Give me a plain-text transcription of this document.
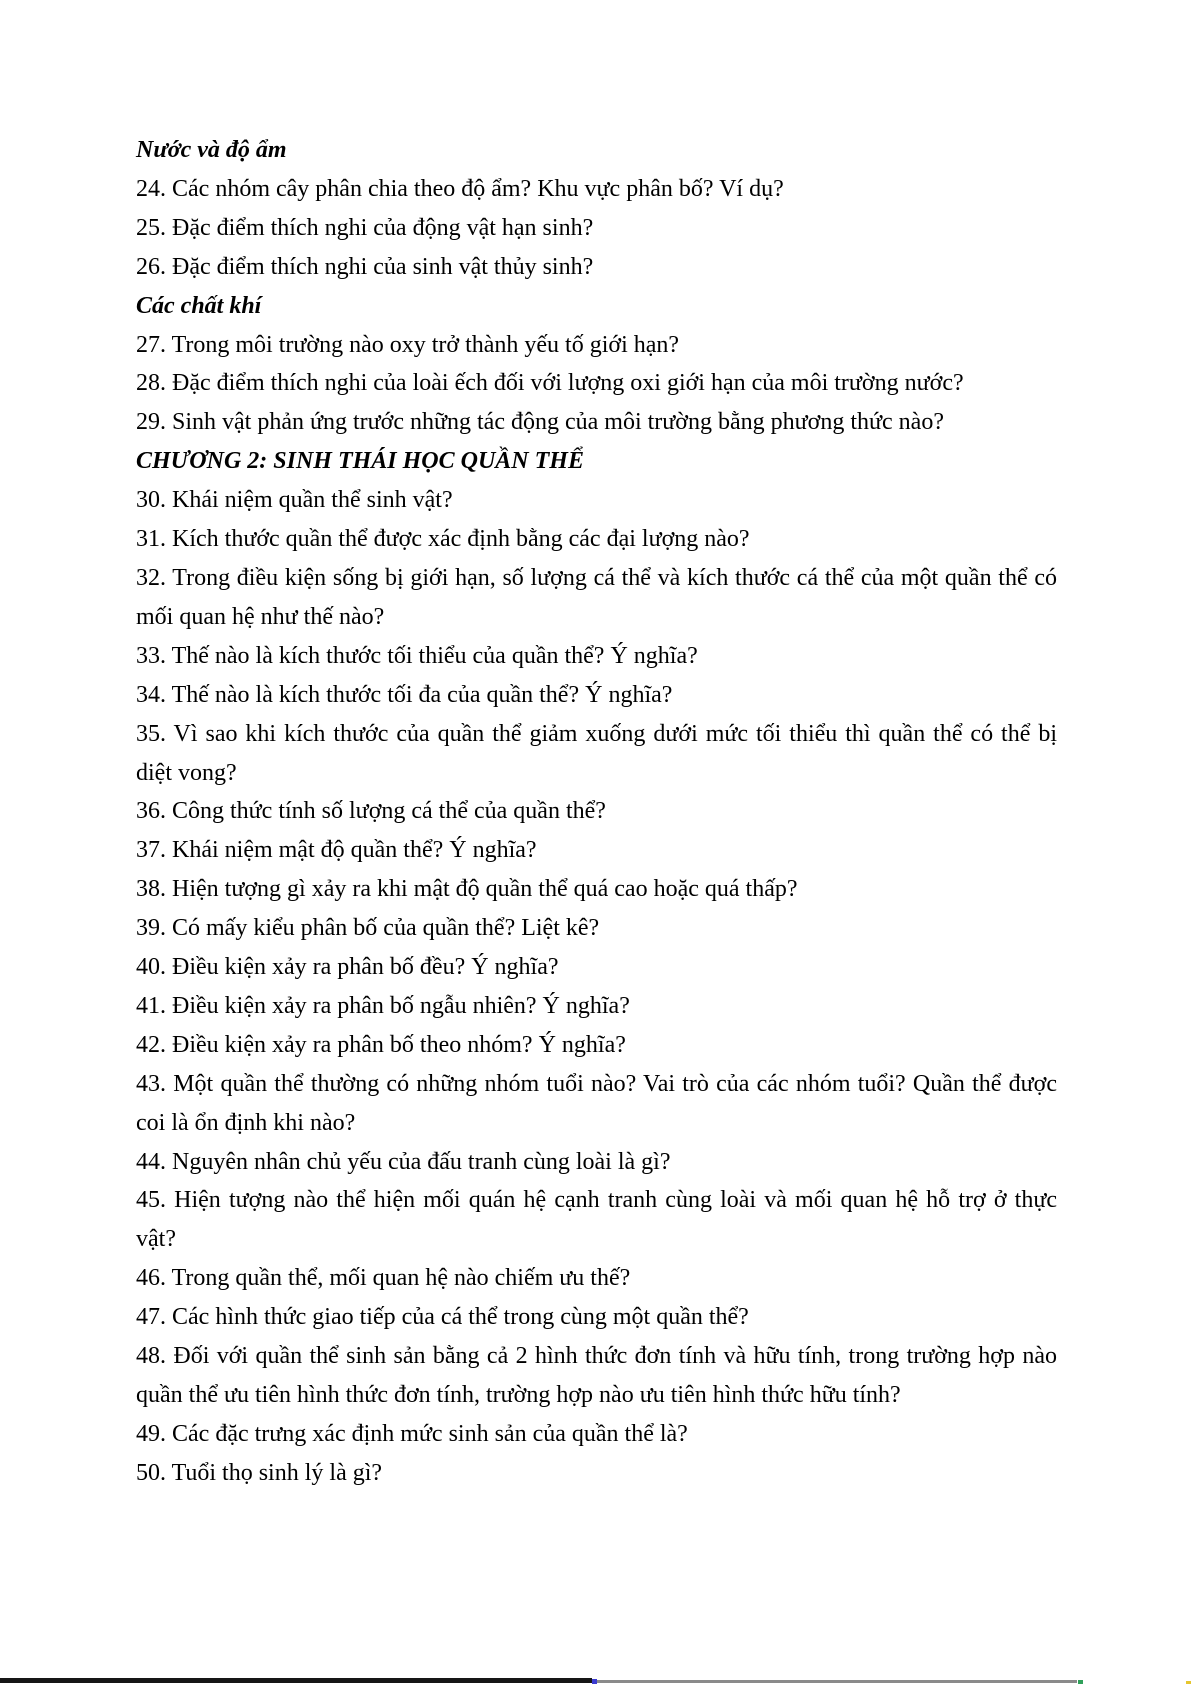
Nước và độ ẩm

24. Các nhóm cây phân chia theo độ ẩm? Khu vực phân bố? Ví dụ?

25. Đặc điểm thích nghi của động vật hạn sinh?

26. Đặc điểm thích nghi của sinh vật thủy sinh?

Các chất khí

27. Trong môi trường nào oxy trở thành yếu tố giới hạn?

28. Đặc điểm thích nghi của loài ếch đối với lượng oxi giới hạn của môi trường nước?

29. Sinh vật phản ứng trước những tác động của môi trường bằng phương thức nào?

CHƯƠNG 2: SINH THÁI HỌC QUẦN THỂ

30. Khái niệm quần thể sinh vật?

31. Kích thước quần thể được xác định bằng các đại lượng nào?

32. Trong điều kiện sống bị giới hạn, số lượng cá thể và kích thước cá thể của một quần thể có mối quan hệ như thế nào?

33. Thế nào là kích thước tối thiểu của quần thể? Ý nghĩa?

34. Thế nào là kích thước tối đa của quần thể? Ý nghĩa?

35. Vì sao khi kích thước của quần thể giảm xuống dưới mức tối thiểu thì quần thể có thể bị diệt vong?

36. Công thức tính số lượng cá thể của quần thể?

37. Khái niệm mật độ quần thể? Ý nghĩa?

38. Hiện tượng gì xảy ra khi mật độ quần thể quá cao hoặc quá thấp?

39. Có mấy kiểu phân bố của quần thể? Liệt kê?

40. Điều kiện xảy ra phân bố đều? Ý nghĩa?

41. Điều kiện xảy ra phân bố ngẫu nhiên? Ý nghĩa?

42. Điều kiện xảy ra phân bố theo nhóm? Ý nghĩa?

43. Một quần thể thường có những nhóm tuổi nào? Vai trò của các nhóm tuổi? Quần thể được coi là ổn định khi nào?

44. Nguyên nhân chủ yếu của đấu tranh cùng loài là gì?

45. Hiện tượng nào thể hiện mối quán hệ cạnh tranh cùng loài và mối quan hệ hỗ trợ ở thực vật?

46. Trong quần thể, mối quan hệ nào chiếm ưu thế?

47. Các hình thức giao tiếp của cá thể trong cùng một quần thể?

48. Đối với quần thể sinh sản bằng cả 2 hình thức đơn tính và hữu tính, trong trường hợp nào quần thể ưu tiên hình thức đơn tính, trường hợp nào ưu tiên hình thức hữu tính?

49. Các đặc trưng xác định mức sinh sản của quần thể là?

50. Tuổi thọ sinh lý là gì?
